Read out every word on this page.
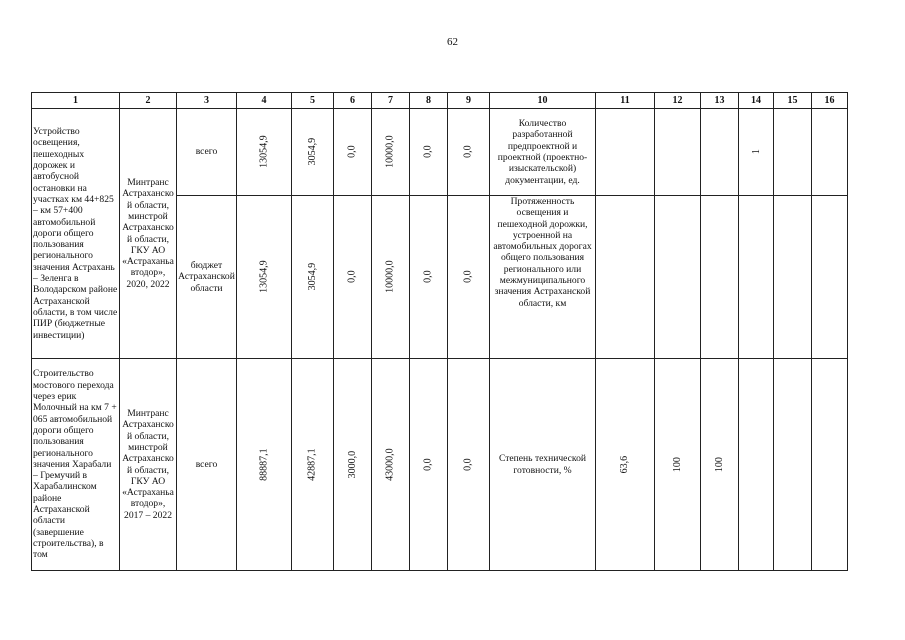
62
1	2	3	4	5	6	7	8	9	10	11	12	13	14	15	16
Устройство освещения, пешеходных дорожек и автобусной остановки на участках км 44+825 – км 57+400 автомобильной дороги общего пользования регионального значения Астрахань – Зеленга в Володарском районе Астраханской области, в том числе ПИР (бюджетные инвестиции)	Минтранс Астраханской области, минстрой Астраханской области, ГКУ АО «Астраханьавтодор», 2020, 2022	всего	13054,9	3054,9	0,0	10000,0	0,0	0,0	Количество разработанной предпроектной и проектной (проектно-изыскательской) документации, ед.				1		
		бюджет Астраханской области	13054,9	3054,9	0,0	10000,0	0,0	0,0	Протяженность освещения и пешеходной дорожки, устроенной на автомобильных дорогах общего пользования регионального или межмуниципального значения Астраханской области, км						
Строительство мостового перехода через ерик Молочный на км 7 + 065 автомобильной дороги общего пользования регионального значения Харабали – Гремучий в Харабалинском районе Астраханской области (завершение строительства), в том	Минтранс Астраханской области, минстрой Астраханской области, ГКУ АО «Астраханьавтодор», 2017 – 2022	всего	88887,1	42887,1	3000,0	43000,0	0,0	0,0	Степень технической готовности, %	63,6	100	100			
